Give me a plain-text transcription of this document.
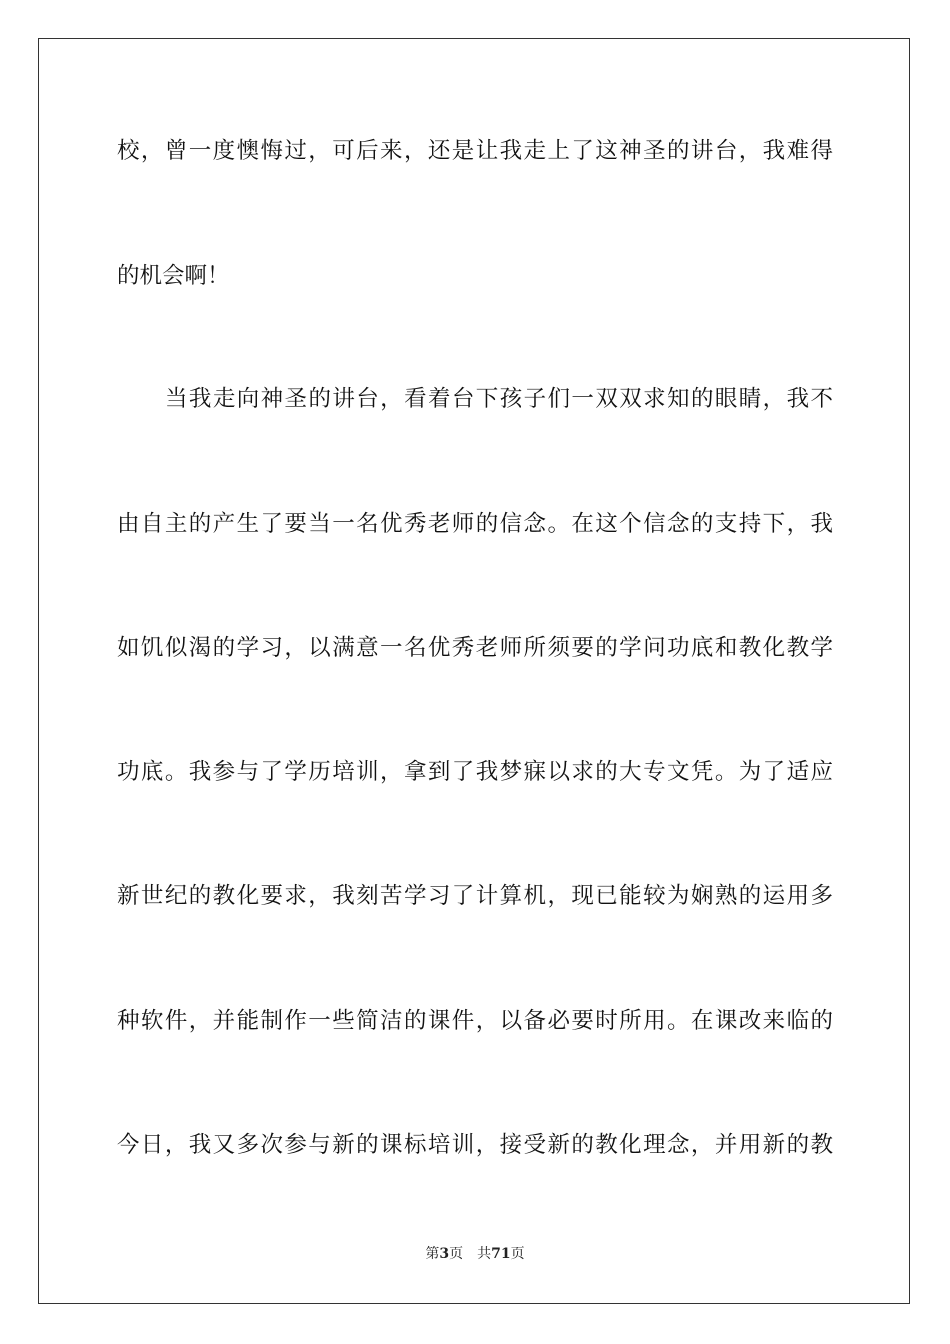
校，曾一度懊悔过，可后来，还是让我走上了这神圣的讲台，我难得
的机会啊！
当我走向神圣的讲台，看着台下孩子们一双双求知的眼睛，我不
由自主的产生了要当一名优秀老师的信念。在这个信念的支持下，我
如饥似渴的学习，以满意一名优秀老师所须要的学问功底和教化教学
功底。我参与了学历培训，拿到了我梦寐以求的大专文凭。为了适应
新世纪的教化要求，我刻苦学习了计算机，现已能较为娴熟的运用多
种软件，并能制作一些简洁的课件，以备必要时所用。在课改来临的
今日，我又多次参与新的课标培训，接受新的教化理念，并用新的教
第3页 共71页
